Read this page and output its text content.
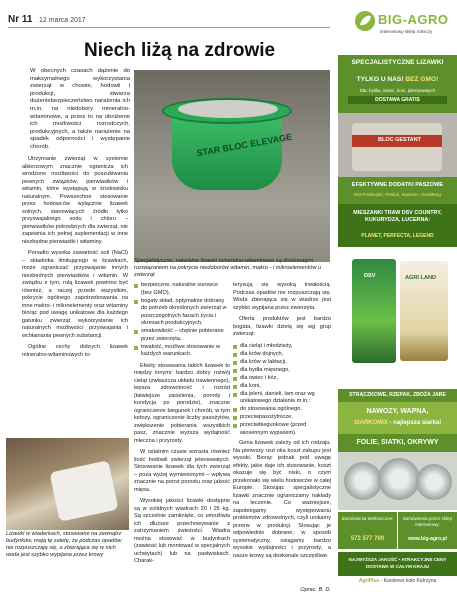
Nr 11 12 marca 2017
Niech liżą na zdrowie

W obecnych czasach dążenie do maksymalnego wykorzystania zwierząt w chowie, hodowli i produkcji, stwarza dużeniebezpieczeństwo narażenia ich m.in. na niedobory mineralno-witaminowe, a przez to na obniżenie ich możliwości rozrodczych, produkcyjnych, a także narażenie na spadek odporności i występanie chorób.

Utrzymanie zwierząt w systemie alkierzowym znacznie ogranicza ich wrodzone możliwości do poszukiwania pewnych związków, pierwiastków i witamin, które występują w środowisku naturalnym. Powszechne stosowanie przez hodowców wyłącznie lizawek solnych, stanowiących źródło tylko przyswajalnego sodu i chloru – pierwiastków potrzebnych dla zwierząt, nie zapewnia ich pełnej suplementacji w inne niezbędne pierwiastki i witaminy.

Ponadto wysoka zawartość soli (NaCl) – składnika limitującego w lizawkach, może ograniczać przyswajanie innych niezbędnych pierwiastków i witamin. W związku z tym, rolą lizawek powinno być również, a raczej przede wszystkim, pokrycie ogólnego zapotrzebowania na inne makro- i mikroelementy oraz witaminy biorąc pod uwagę unikatowe dla każdego gatunku zwierząt wykorzystanie ich naturalnych możliwości przyswajania i wchłaniania pewnych substancji.

Ogólne cechy dobrych lizawek mineralno-witaminowych to:

STAR BLOC ELEVAGE
Specjalistyczne, naturalne lizawki mineralno-witaminowe są doskonałym rozwiązaniem na pokrycie niedoborów witamin, makro - i mikroelementów u zwierząt
bezpieczne, naturalne surowce (bez GMO),
bogaty skład, optymalnie dobrany do potrzeb określonych zwierząt w poszczególnych fazach życia i okresach produkcyjnych,
smakowitość – chętnie pobierane przez zwierzęta,
trwałość, możliwe stosowanie w każdych warunkach.

Efekty stosowania takich lizawek to między innymi: bardzo dobry rozwój cieląt (zwłaszcza układu trawiennego), lepsza zdrowotność i rozród (łatwiejsze zacielenia, porody i kondycja po porodzie), znaczne ograniczenie biegunek i chorób, w tym ketozy, ograniczenie liczby pasożytów, zwiększenie pobierania wszystkich pasz, znacznie wyższa wydajność mleczna i przyrosty.

W ostatnim czasie wzrasta również ilość hodowli zwierząt jeleniowatych. Stosowanie lizawek dla tych zwierząt – poza wyżej wymienionymi – wpływa znacznie na poroż porostu oraz jakość mięsa.

Wysokiej jakości lizawki dostępne są w solidnych wiadrach 20 i 25 kg. Są szczelnie zamknięte, co umożliwia ich dłuższe przechowywanie z zatrzymaniem świeżości. Wiadra można stosować w budynkach (zawiesić lub montować w specjalnych uchwytach) lub na pastwiskach. Charak-

teryzują się wysoką trwałością. Podczas opadów nie rozpuszczają się. Woda zbierająca się w wiadrze jest szybko wypijana przez zwierzęta.

Oferta produktów jest bardzo bogata, lizawki dzielą się wg grup zwierząt:

dla cieląt i młodzieży,
dla krów dojnych,
dla krów w laktacji,
dla bydła mięsnego,
dla owiec i kóz,
dla koni,
dla jeleni, danieli, lam oraz wg unikatowego działania m.in.:
do stosowania ogólnego,
przeciwpasożytnicze,
przeciwbiegunkowe (przed wiosennym wypasem).

Gena lizawek zależy od ich rodzaju. Na pierwszy rzut oka koszt zakupu jest wysoki. Biorąc jednak pod uwagę efekty, jakie daje ich stosowanie, koszt okazuje się być niski, o czym przekonało się wielu hodowców w całej Europie. Stosując specjalistyczne lizawki znacznie ograniczamy nakłady na leczenie. Co ważniejsze, zapobiegamy występowaniu problemów zdrowotnych, czyli unikamy przerw w produkcji. Stosując je odpowiednio dobrane, w sposób systematyczny, osiągamy bardzo wysokie wydajności i przyrosty, a nasze krowy są doskonale szczęśliwe.

Oprac. B. D.
Lizawki w wiaderkach, stosowane na zewnątrz budynków, mają tę zaletę, że podczas opadów nie rozpuszczają się, a zbierająca się w nich woda jest szybko wypijana przez krowy
BIG-AGRO
internetowy sklep rolniczy
SPECJALISTYCZNE LIZAWKI
TYLKO U NAS! BEZ GMO!
Dla: bydła, owiec, koni, jeleniowatych
DOSTAWA GRATIS
BLOC GESTANT
EFEKTYWNE DODATKI PASZOWE
EM Probiotyki, Pasbio, Inwemin, Konideng
MIESZANKI TRAW DSV COUNTRY, KUKURYDZA, LUCERNA:
PLANET, PERFECTA, LEGEND
DSV	AGRI LAND
STRĄCZKOWE, RZEPAK, ZBOŻA JARE
NAWOZY, WAPNA,
SIARKOMIX - najlepsza siarka!
FOLIE, SIATKI, OKRYWY
Zamówienia telefoniczne:
572 577 700
Zamówienia przez sklep internetowy:
www.big-agro.pl
NAJWYŻSZA JAKOŚĆ • ATRAKCYJNE CENY DOSTAWA W CAŁYM KRAJU
AgriPlus - Karolewo koło Kętrzyna
